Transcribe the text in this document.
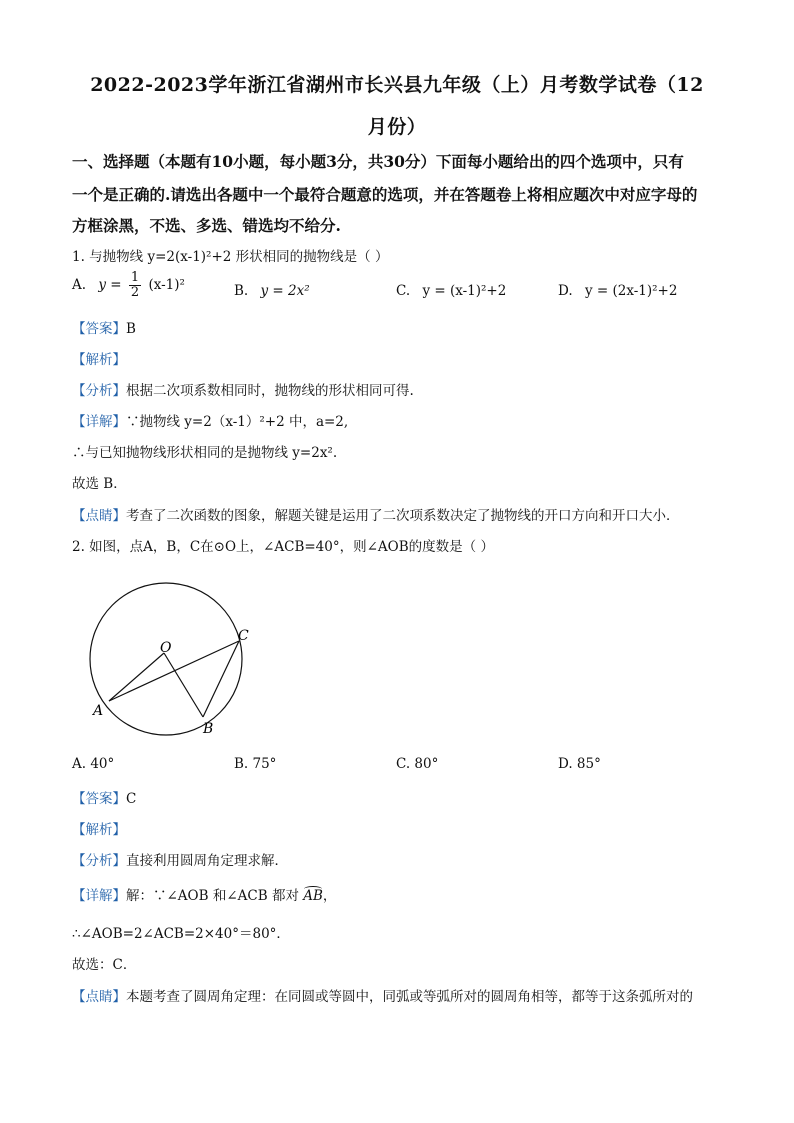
2022-2023学年浙江省湖州市长兴县九年级（上）月考数学试卷（12
月份）
一、选择题（本题有10小题，每小题3分，共30分）下面每小题给出的四个选项中，只有
一个是正确的.请选出各题中一个最符合题意的选项，并在答题卷上将相应题次中对应字母的
方框涂黑，不选、多选、错选均不给分.
1. 与抛物线 y=2(x-1)²+2 形状相同的抛物线是（ ）
A. $y = \frac{1}{2} (x-1)^2$	B. y = 2x²	C. y = (x-1)²+2	D. y = (2x-1)²+2
【答案】B
【解析】
【分析】根据二次项系数相同时，抛物线的形状相同可得.
【详解】∵抛物线 y=2（x-1）²+2 中，a=2,
∴与已知抛物线形状相同的是抛物线 y=2x².
故选 B．
【点睛】考查了二次函数的图象，解题关键是运用了二次项系数决定了抛物线的开口方向和开口大小．
2. 如图，点A，B，C在⊙O上，∠ACB=40°，则∠AOB的度数是（ ）
O
A
B
C
A. 40°	B. 75°	C. 80°	D. 85°
【答案】C
【解析】
【分析】直接利用圆周角定理求解．
【详解】解：∵∠AOB 和∠ACB 都对 AB，
∴∠AOB=2∠ACB=2×40°＝80°．
故选：C．
【点睛】本题考查了圆周角定理：在同圆或等圆中，同弧或等弧所对的圆周角相等，都等于这条弧所对的
